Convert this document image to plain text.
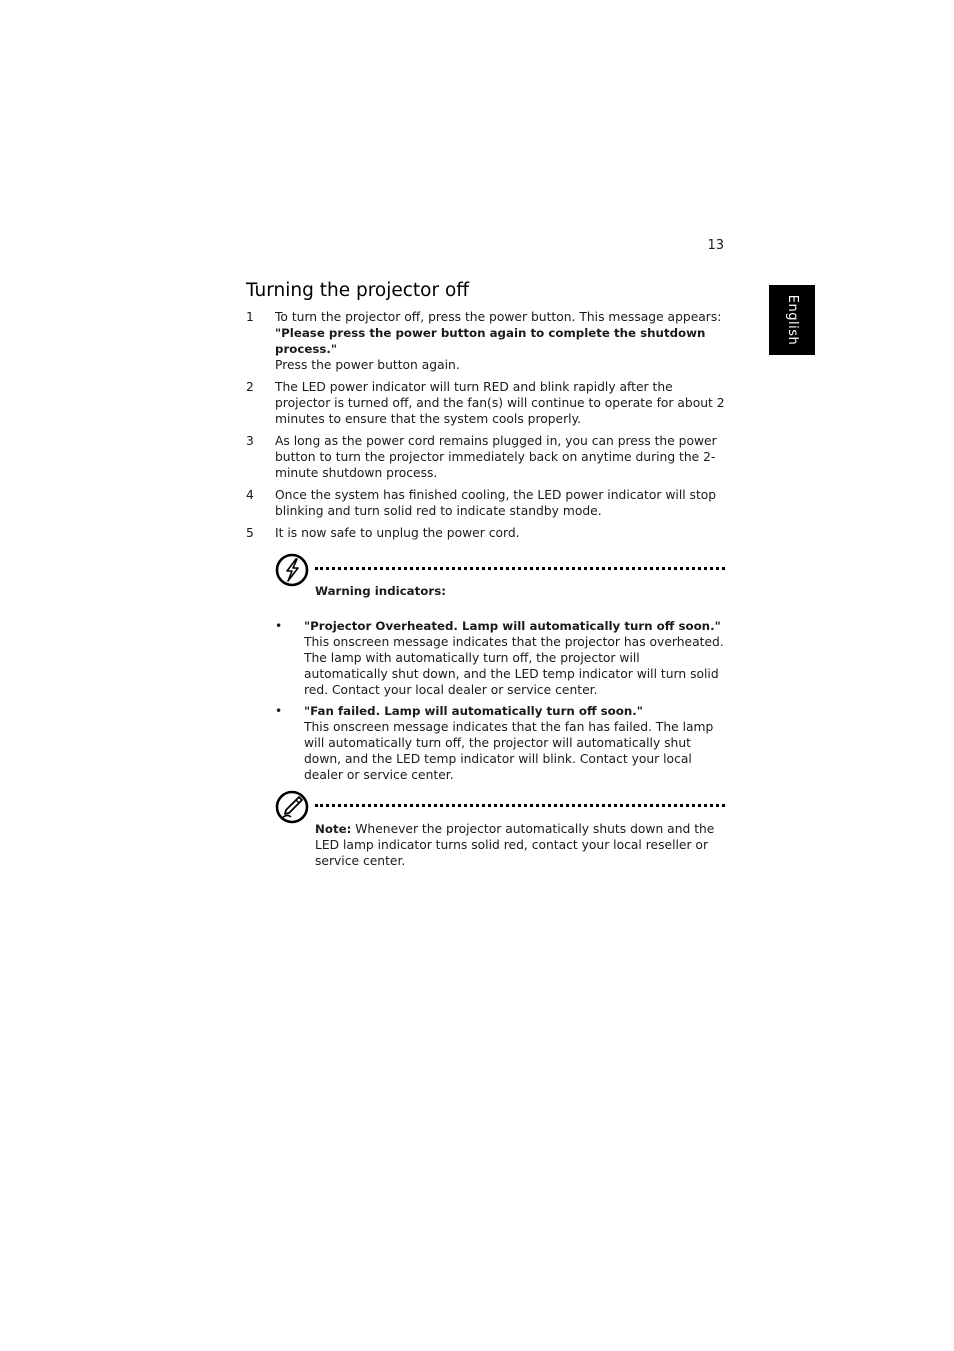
13
English
Turning the projector off
1	To turn the projector off, press the power button. This message appears:
"Please press the power button again to complete the shutdown process."
Press the power button again.
2	The LED power indicator will turn RED and blink rapidly after the projector is turned off, and the fan(s) will continue to operate for about 2 minutes to ensure that the system cools properly.
3	As long as the power cord remains plugged in, you can press the power button to turn the projector immediately back on anytime during the 2-minute shutdown process.
4	Once the system has finished cooling, the LED power indicator will stop blinking and turn solid red to indicate standby mode.
5	It is now safe to unplug the power cord.
Warning indicators:
•	"Projector Overheated. Lamp will automatically turn off soon."
This onscreen message indicates that the projector has overheated. The lamp with automatically turn off, the projector will automatically shut down, and the LED temp indicator will turn solid red. Contact your local dealer or service center.
•	"Fan failed. Lamp will automatically turn off soon."
This onscreen message indicates that the fan has failed. The lamp will automatically turn off, the projector will automatically shut down, and the LED temp indicator will blink. Contact your local dealer or service center.
Note: Whenever the projector automatically shuts down and the LED lamp indicator turns solid red, contact your local reseller or service center.
